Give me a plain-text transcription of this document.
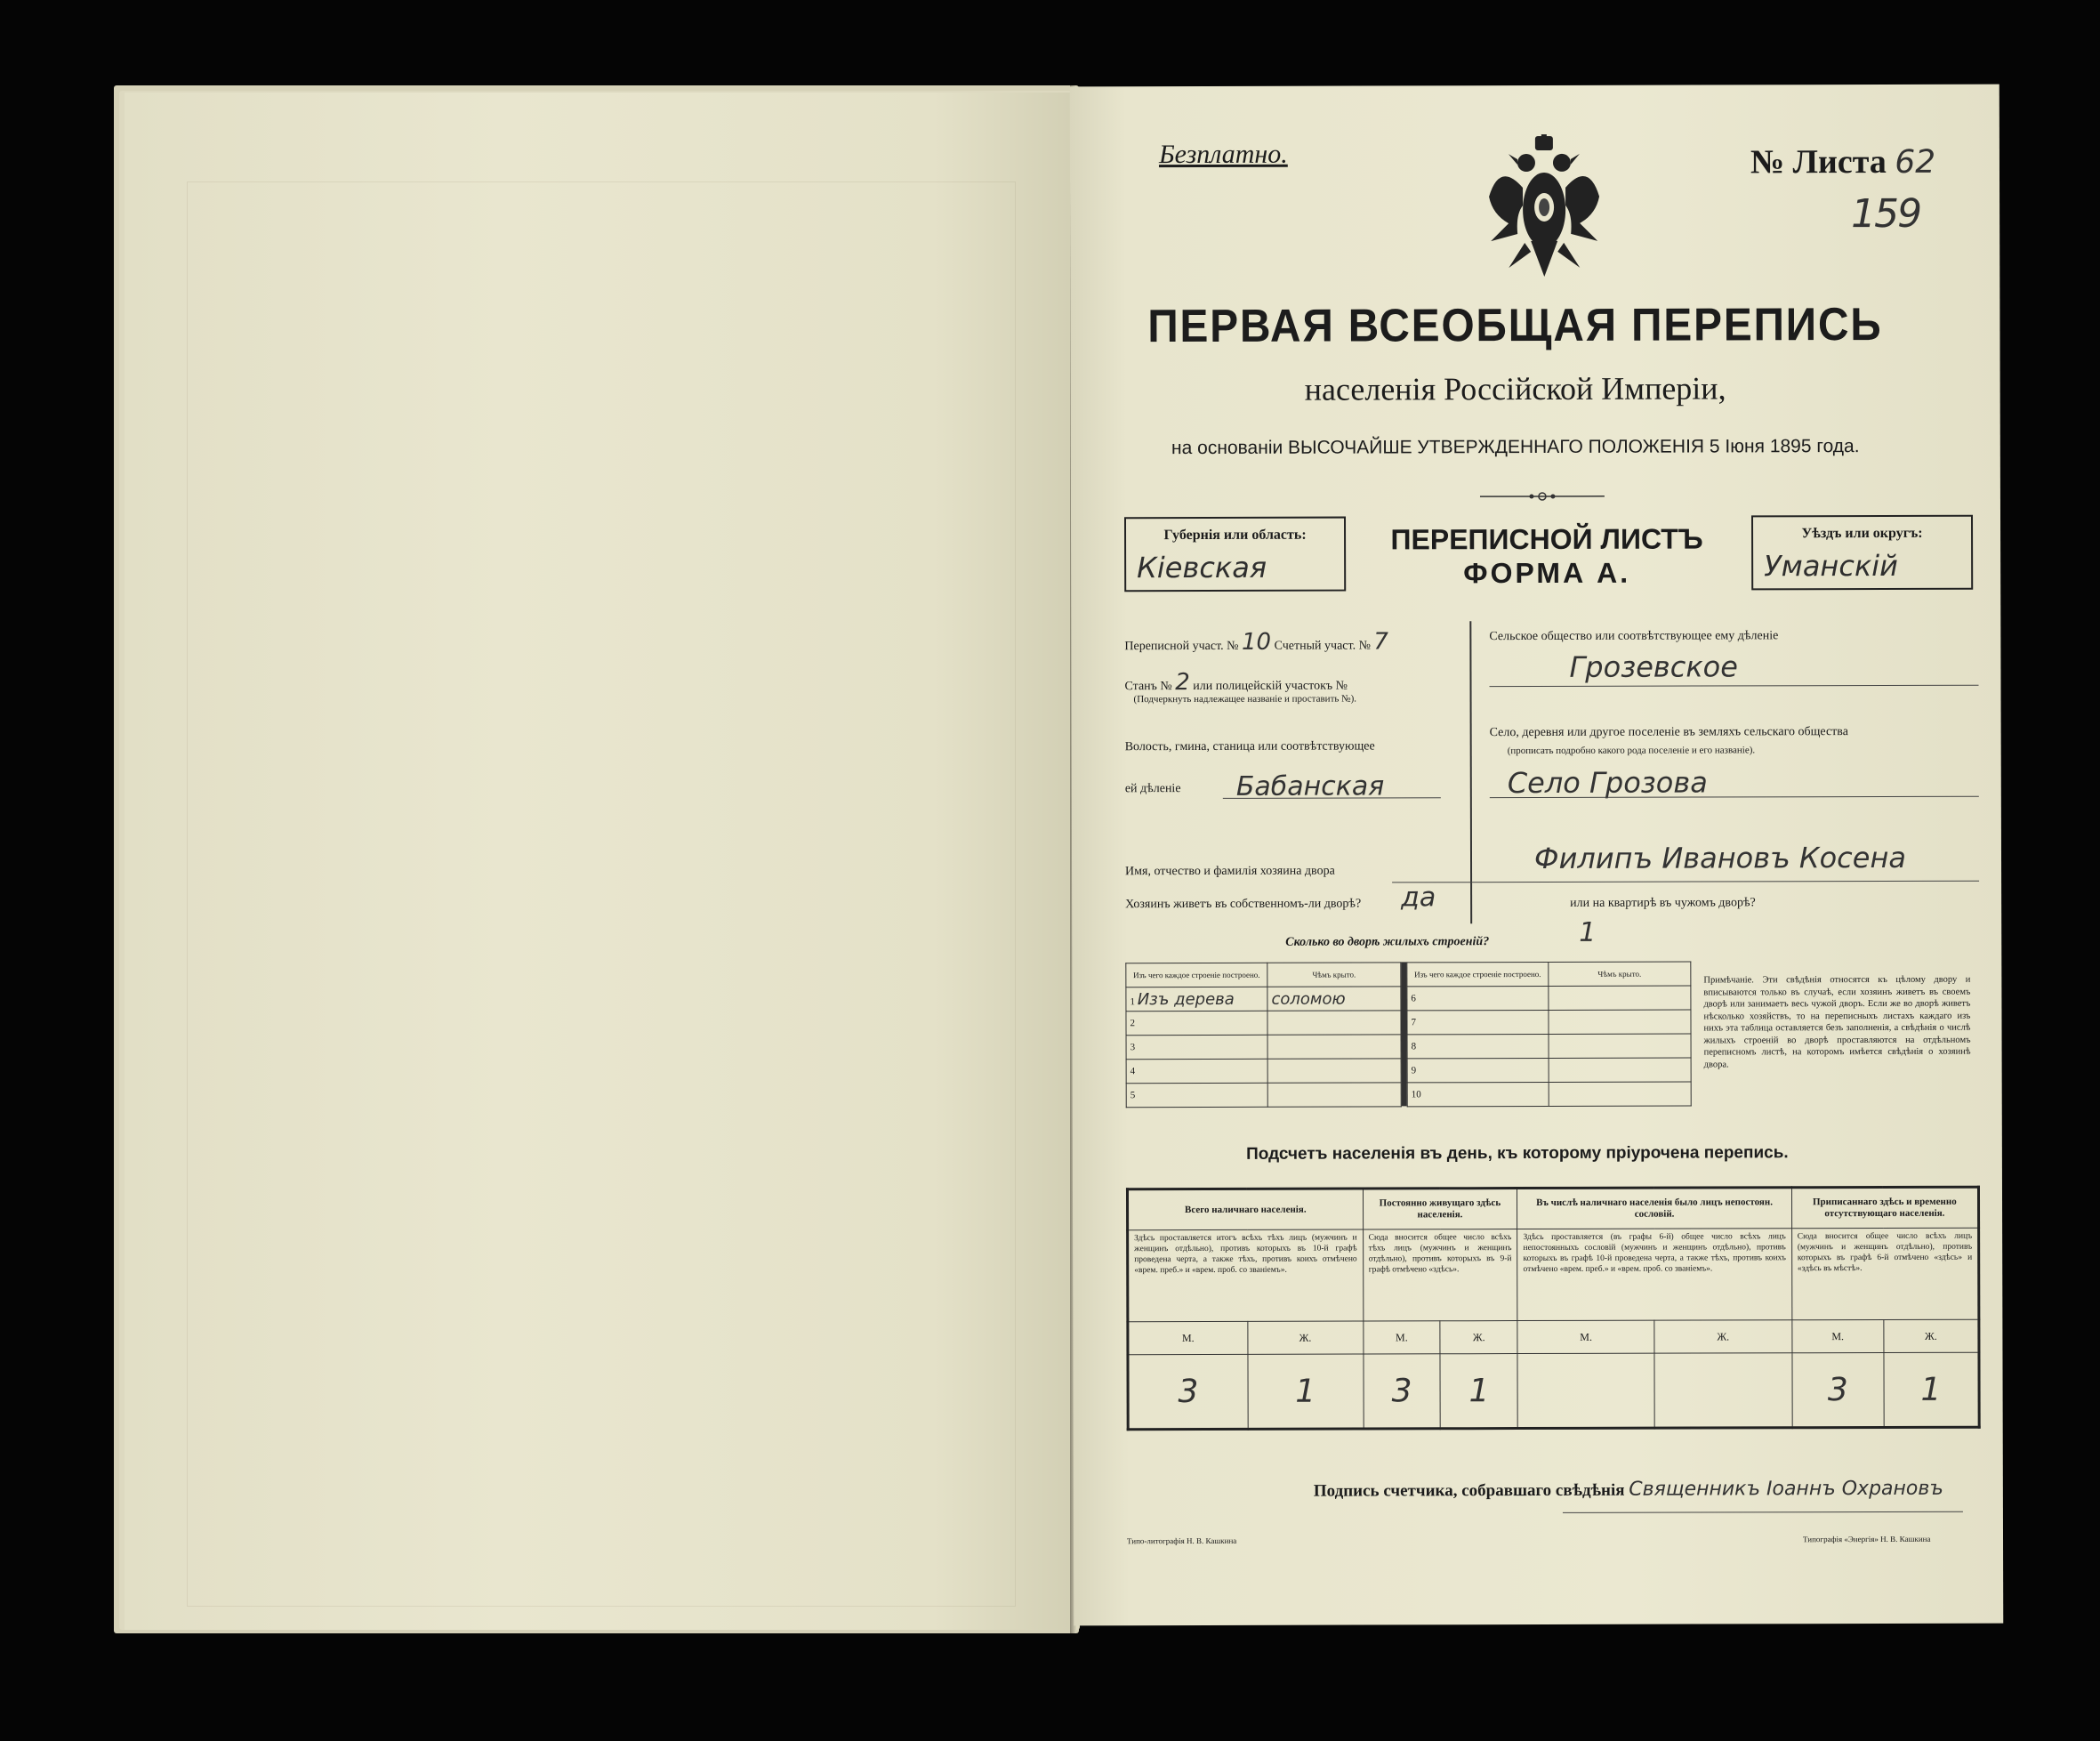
Безплатно.	№ Листа 62
159
ПЕРВАЯ ВСЕОБЩАЯ ПЕРЕПИСЬ
населенія Россійской Имперіи,
на основаніи ВЫСОЧАЙШЕ УТВЕРЖДЕННАГО ПОЛОЖЕНІЯ 5 Іюня 1895 года.
Губернія или область:
Кіевская
ПЕРЕПИСНОЙ ЛИСТЪ
ФОРМА А.
Уѣздъ или округъ:
Уманскій
Переписной участ. № 10 Счетный участ. № 7
Станъ № 2 или полицейскій участокъ №
(Подчеркнуть надлежащее названіе и проставить №).
Волость, гмина, станица или соотвѣтствующее
ей дѣленіе Бабанская
Сельское общество или соотвѣтствующее ему дѣленіе
Грозевское
Село, деревня или другое поселеніе въ земляхъ сельскаго общества
(прописать подробно какого рода поселеніе и его названіе).
Село Грозова
Имя, отчество и фамилія хозяина двора	Филипъ Ивановъ Косена
Хозяинъ живетъ въ собственномъ-ли дворѣ? да	или на квартирѣ въ чужомъ дворѣ?
Сколько во дворѣ жилыхъ строеній?	1
Изъ чего каждое строеніе построено.	Чѣмъ крыто.
1 Изъ дерева	соломою
2	
3	
4	
5	
Изъ чего каждое строеніе построено.	Чѣмъ крыто.
6	
7	
8	
9	
10	
Примѣчаніе. Эти свѣдѣнія относятся къ цѣлому двору и вписываются только въ случаѣ, если хозяинъ живетъ въ своемъ дворѣ или занимаетъ весь чужой дворъ. Если же во дворѣ живетъ нѣсколько хозяйствъ, то на переписныхъ листахъ каждаго изъ нихъ эта таблица оставляется безъ заполненія, а свѣдѣнія о числѣ жилыхъ строеній во дворѣ проставляются на отдѣльномъ переписномъ листѣ, на которомъ имѣется свѣдѣнія о хозяинѣ двора.
Подсчетъ населенія въ день, къ которому пріурочена перепись.
Всего наличнаго населенія.		Постоянно живущаго здѣсь населенія.		Въ числѣ наличнаго населенія было лицъ непостоян. сословій.		Приписаннаго здѣсь и временно отсутствующаго населенія.	
Здѣсь проставляется итогъ всѣхъ тѣхъ лицъ (мужчинъ и женщинъ отдѣльно), противъ которыхъ въ 10-й графѣ проведена черта, а также тѣхъ, противъ коихъ отмѣчено «врем. преб.» и «врем. проб. со званіемъ».		Сюда вносится общее число всѣхъ тѣхъ лицъ (мужчинъ и женщинъ отдѣльно), противъ которыхъ въ 9-й графѣ отмѣчено «здѣсь».		Здѣсь проставляется (въ графы 6-й) общее число всѣхъ лицъ непостоянныхъ сословій (мужчинъ и женщинъ отдѣльно), противъ которыхъ въ графѣ 10-й проведена черта, а также тѣхъ, противъ коихъ отмѣчено «врем. преб.» и «врем. проб. со званіемъ».		Сюда вносится общее число всѣхъ лицъ (мужчинъ и женщинъ отдѣльно), противъ которыхъ въ графѣ 6-й отмѣчено «здѣсь» и «здѣсь въ мѣстѣ».	
М.	Ж.	М.	Ж.	М.	Ж.	М.	Ж.
3	1	3	1			3	1
Подпись счетчика, собравшаго свѣдѣнія Священникъ Іоаннъ Охрановъ
Типо-литографія Н. В. Кашкина	Типографія «Энергія» Н. В. Кашкина
